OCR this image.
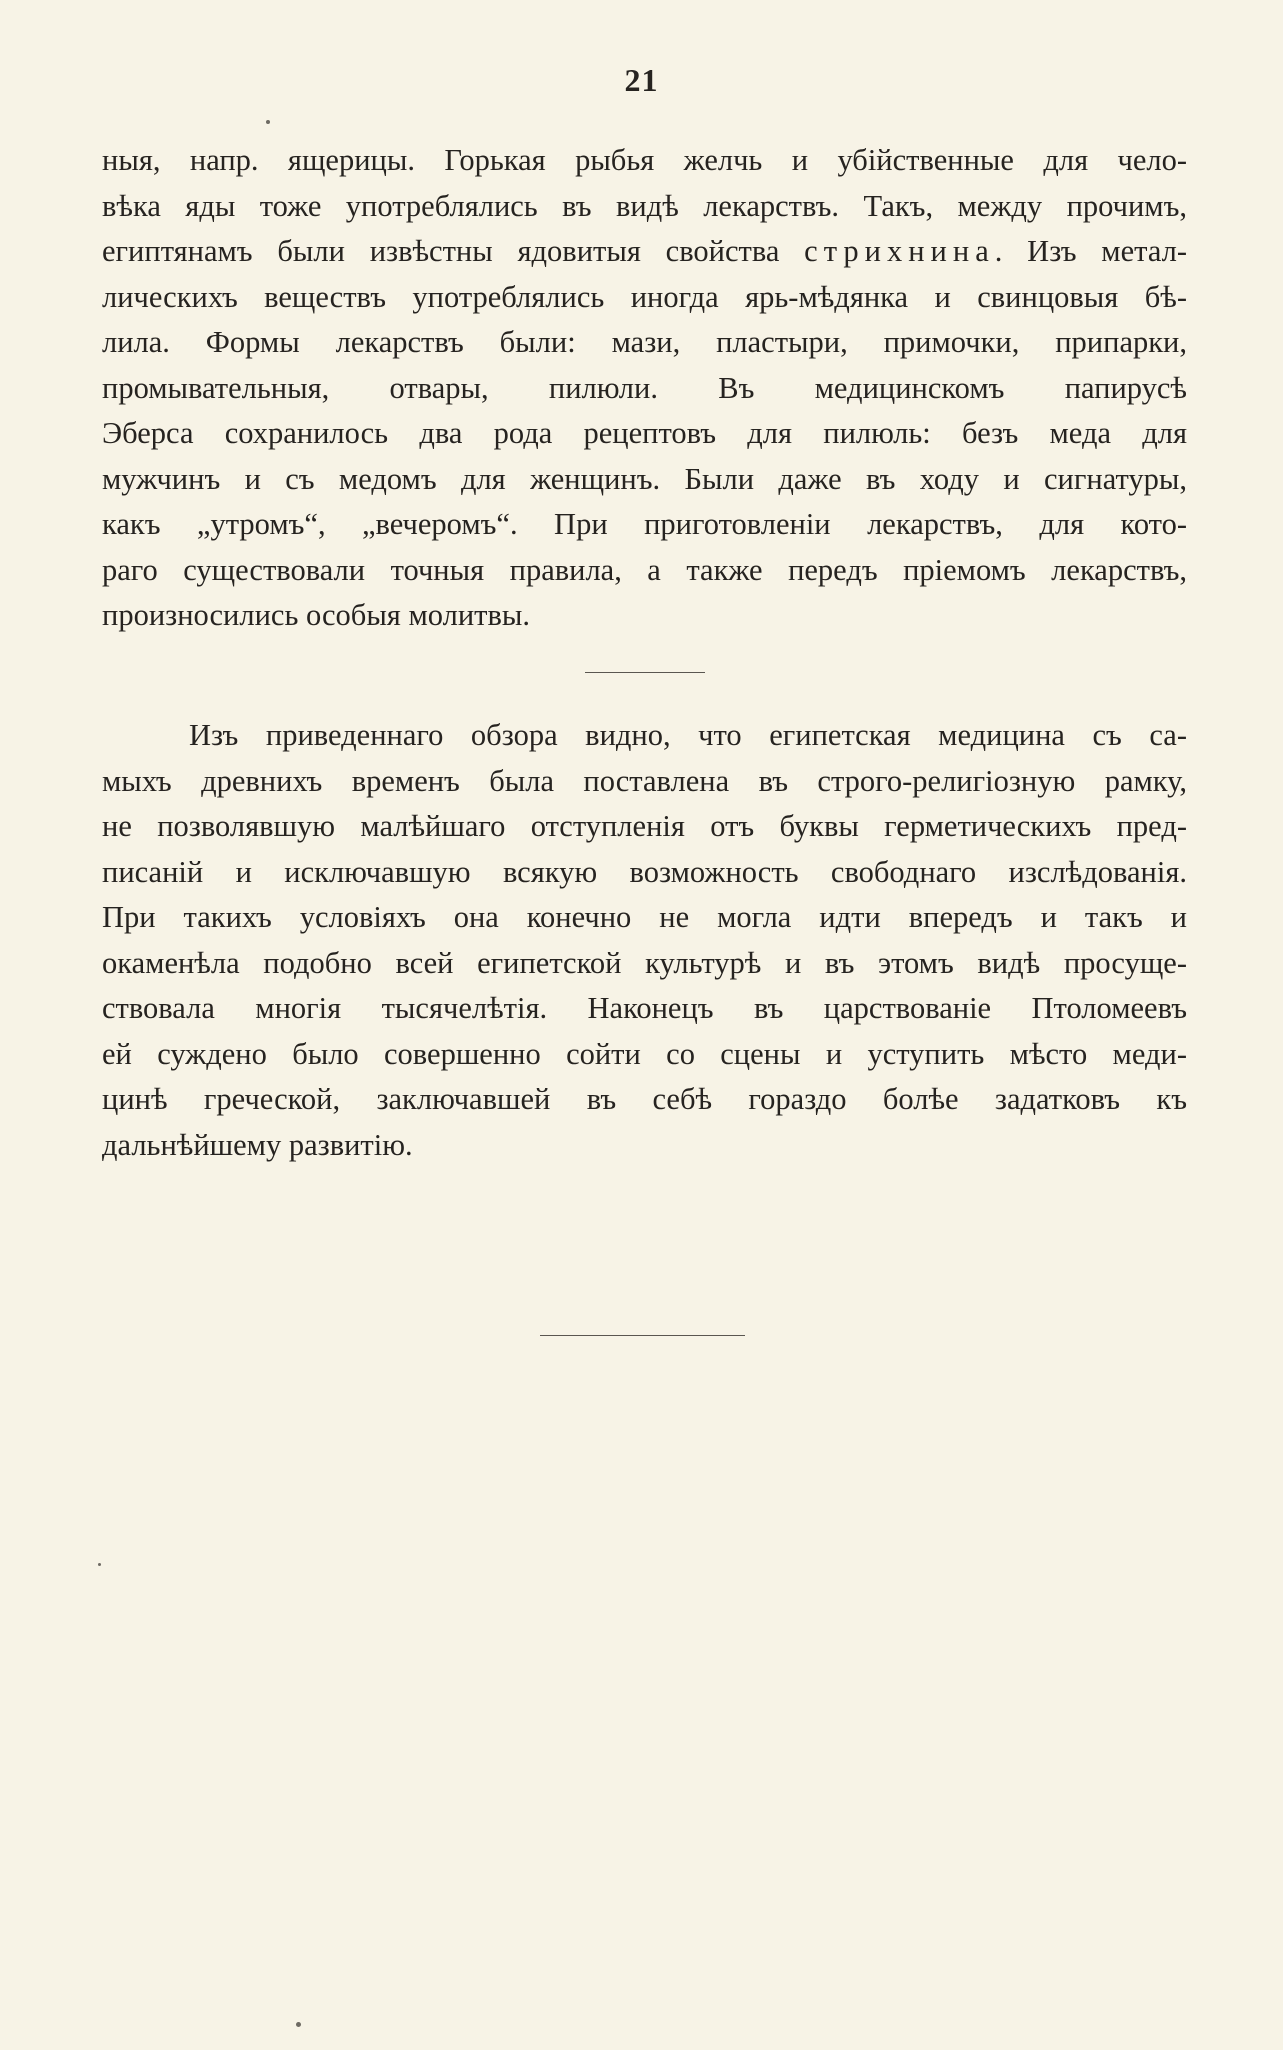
21
ныя, напр. ящерицы. Горькая рыбья желчь и убійственные для чело-
вѣка яды тоже употреблялись въ видѣ лекарствъ. Такъ, между прочимъ,
египтянамъ были извѣстны ядовитыя свойства стрихнина. Изъ метал-
лическихъ веществъ употреблялись иногда ярь-мѣдянка и свинцовыя бѣ-
лила. Формы лекарствъ были: мази, пластыри, примочки, припарки,
промывательныя, отвары, пилюли. Въ медицинскомъ папирусѣ
Эберса сохранилось два рода рецептовъ для пилюль: безъ меда для
мужчинъ и съ медомъ для женщинъ. Были даже въ ходу и сигнатуры,
какъ „утромъ“, „вечеромъ“. При приготовленіи лекарствъ, для кото-
раго существовали точныя правила, а также передъ пріемомъ лекарствъ,
произносились особыя молитвы.
Изъ приведеннаго обзора видно, что египетская медицина съ са-
мыхъ древнихъ временъ была поставлена въ строго-религіозную рамку,
не позволявшую малѣйшаго отступленія отъ буквы герметическихъ пред-
писаній и исключавшую всякую возможность свободнаго изслѣдованія.
При такихъ условіяхъ она конечно не могла идти впередъ и такъ и
окаменѣла подобно всей египетской культурѣ и въ этомъ видѣ просуще-
ствовала многія тысячелѣтія. Наконецъ въ царствованіе Птоломеевъ
ей суждено было совершенно сойти со сцены и уступить мѣсто меди-
цинѣ греческой, заключавшей въ себѣ гораздо болѣе задатковъ къ
дальнѣйшему развитію.
